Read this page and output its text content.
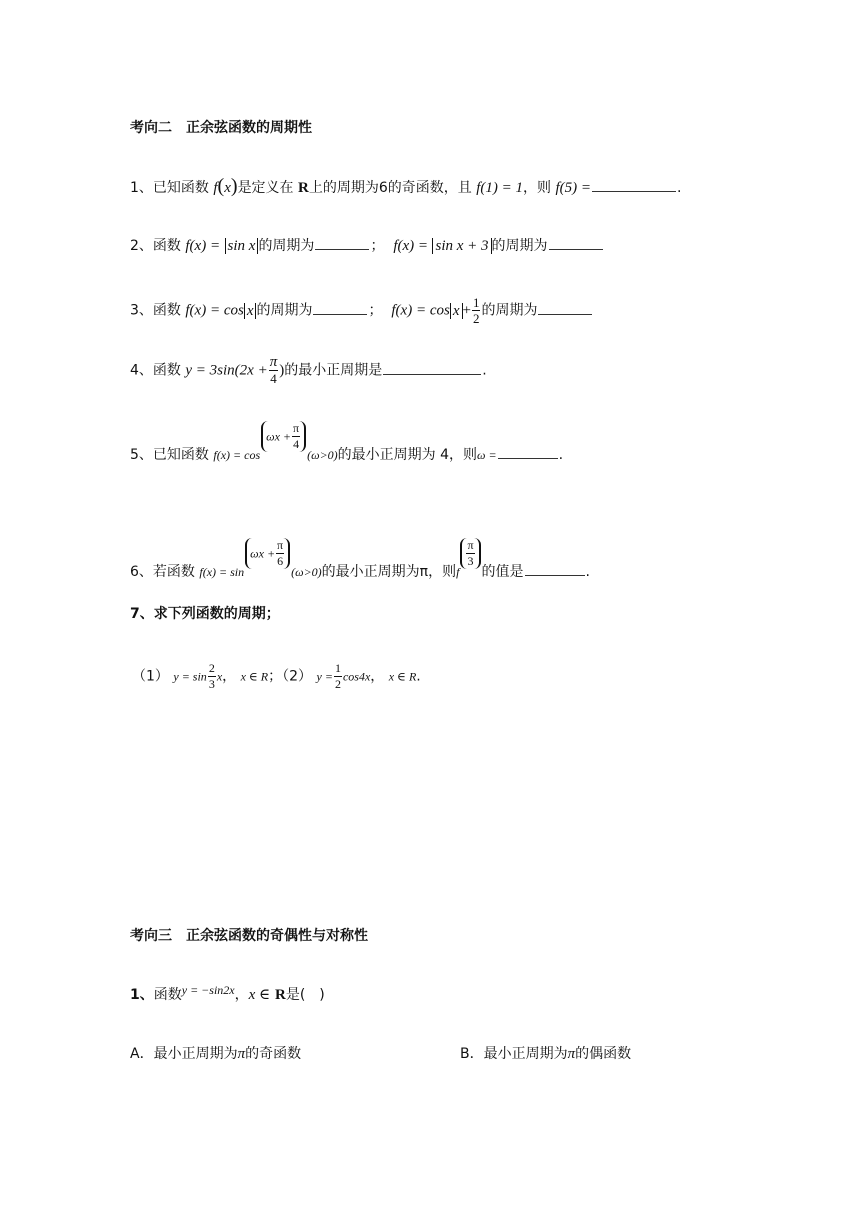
考向二　正余弦函数的周期性
1、已知函数 f(x)是定义在 R上的周期为6的奇函数，且 f(1) = 1，则 f(5) =	.
2、函数 f(x) = sin x 的周期为	； f(x) = sin x + 3 的周期为
3、函数 f(x) = cos x 的周期为	； $f(x) = \cos x + \frac{1}{2}$ 的周期为
4、函数 $y = 3\sin(2x + \frac{\pi}{4}$ )的最小正周期是	.
5、已知函数 $f(x) = \cos\omega x + \frac{\pi}{4}$
(ω>0)的最小正周期为 4，则ω =	.
6、若函数 $f(x) = \sin\omega x + \frac{\pi}{6}$
(ω>0)的最小正周期为π，则f
$\frac{\pi}{3}$
的值是	.
7、求下列函数的周期；
（1） $y = \sin \frac{2}{3}$ x， x ∈ R；（2） $y = \frac{1}{2} \cos 4x$， x ∈ R.
考向三　正余弦函数的奇偶性与对称性
1、函数y = −sin2x，x ∈ R是(　)
A．最小正周期为π的奇函数	B．最小正周期为π的偶函数
